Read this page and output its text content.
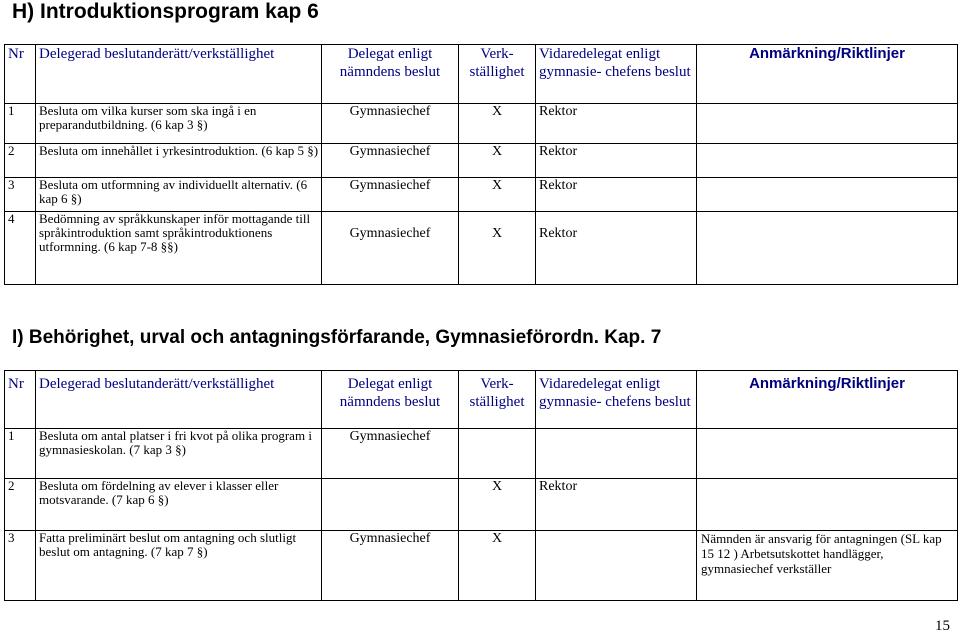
H) Introduktionsprogram kap 6
Nr	Delegerad beslutanderätt/verkställighet	Delegat enligt nämndens beslut	Verk-ställighet	Vidaredelegat enligt gymnasie- chefens beslut	Anmärkning/Riktlinjer
1	Besluta om vilka kurser som ska ingå i en preparandutbildning. (6 kap 3 §)	Gymnasiechef	X	Rektor	
2	Besluta om innehållet i yrkesintroduktion. (6 kap 5 §)	Gymnasiechef	X	Rektor	
3	Besluta om utformning av individuellt alternativ. (6 kap 6 §)	Gymnasiechef	X	Rektor	
4	Bedömning av språkkunskaper inför mottagande till språkintroduktion samt språkintroduktionens utformning. (6 kap 7-8 §§)	Gymnasiechef	X	Rektor	
I) Behörighet, urval och antagningsförfarande, Gymnasieförordn. Kap. 7
Nr	Delegerad beslutanderätt/verkställighet	Delegat enligt nämndens beslut	Verk-ställighet	Vidaredelegat enligt gymnasie- chefens beslut	Anmärkning/Riktlinjer
1	Besluta om antal platser i fri kvot på olika program i gymnasieskolan. (7 kap 3 §)	Gymnasiechef			
2	Besluta om fördelning av elever i klasser eller motsvarande. (7 kap 6 §)		X	Rektor	
3	Fatta preliminärt beslut om antagning och slutligt beslut om antagning. (7 kap 7 §)	Gymnasiechef	X		Nämnden är ansvarig för antagningen (SL kap 15 12 ) Arbetsutskottet handlägger, gymnasiechef verkställer
15
